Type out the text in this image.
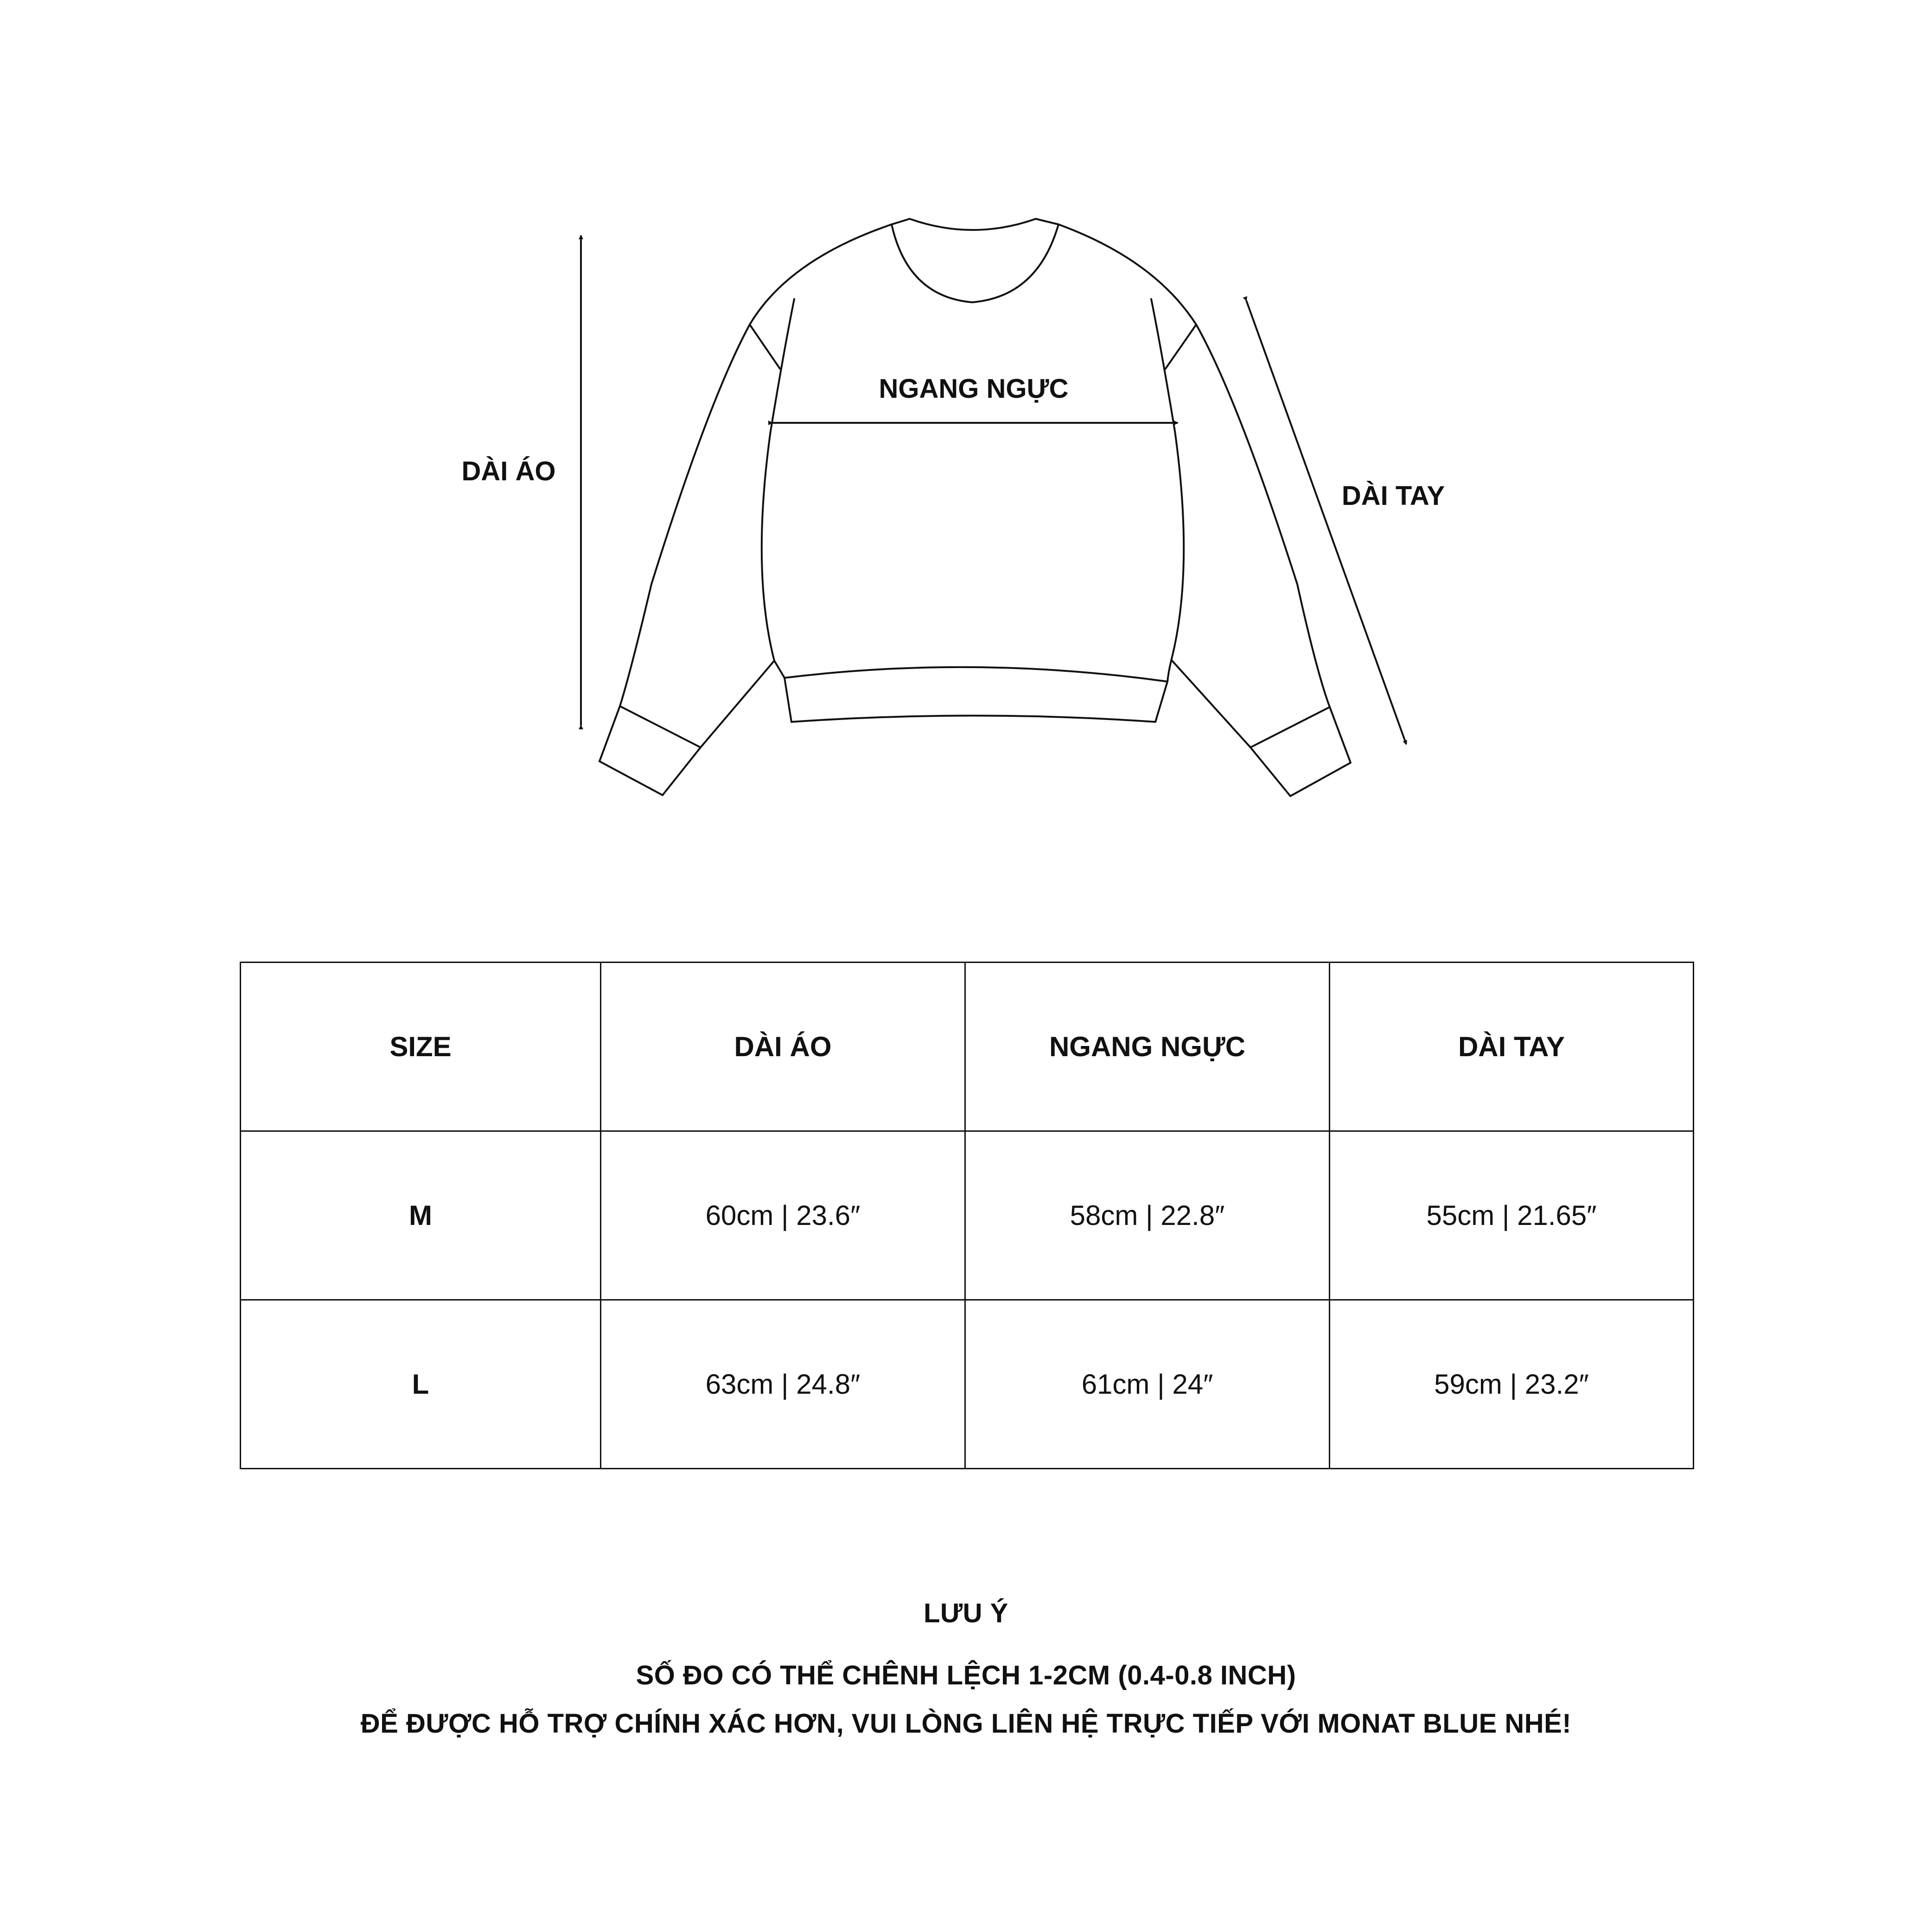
DÀI ÁO
NGANG NGỰC
DÀI TAY
SIZE	DÀI ÁO	NGANG NGỰC	DÀI TAY
M	60cm | 23.6″	58cm | 22.8″	55cm | 21.65″
L	63cm | 24.8″	61cm | 24″	59cm | 23.2″
LƯU Ý
SỐ ĐO CÓ THỂ CHÊNH LỆCH 1-2CM (0.4-0.8 INCH)
ĐỂ ĐƯỢC HỖ TRỢ CHÍNH XÁC HƠN, VUI LÒNG LIÊN HỆ TRỰC TIẾP VỚI MONAT BLUE NHÉ!
